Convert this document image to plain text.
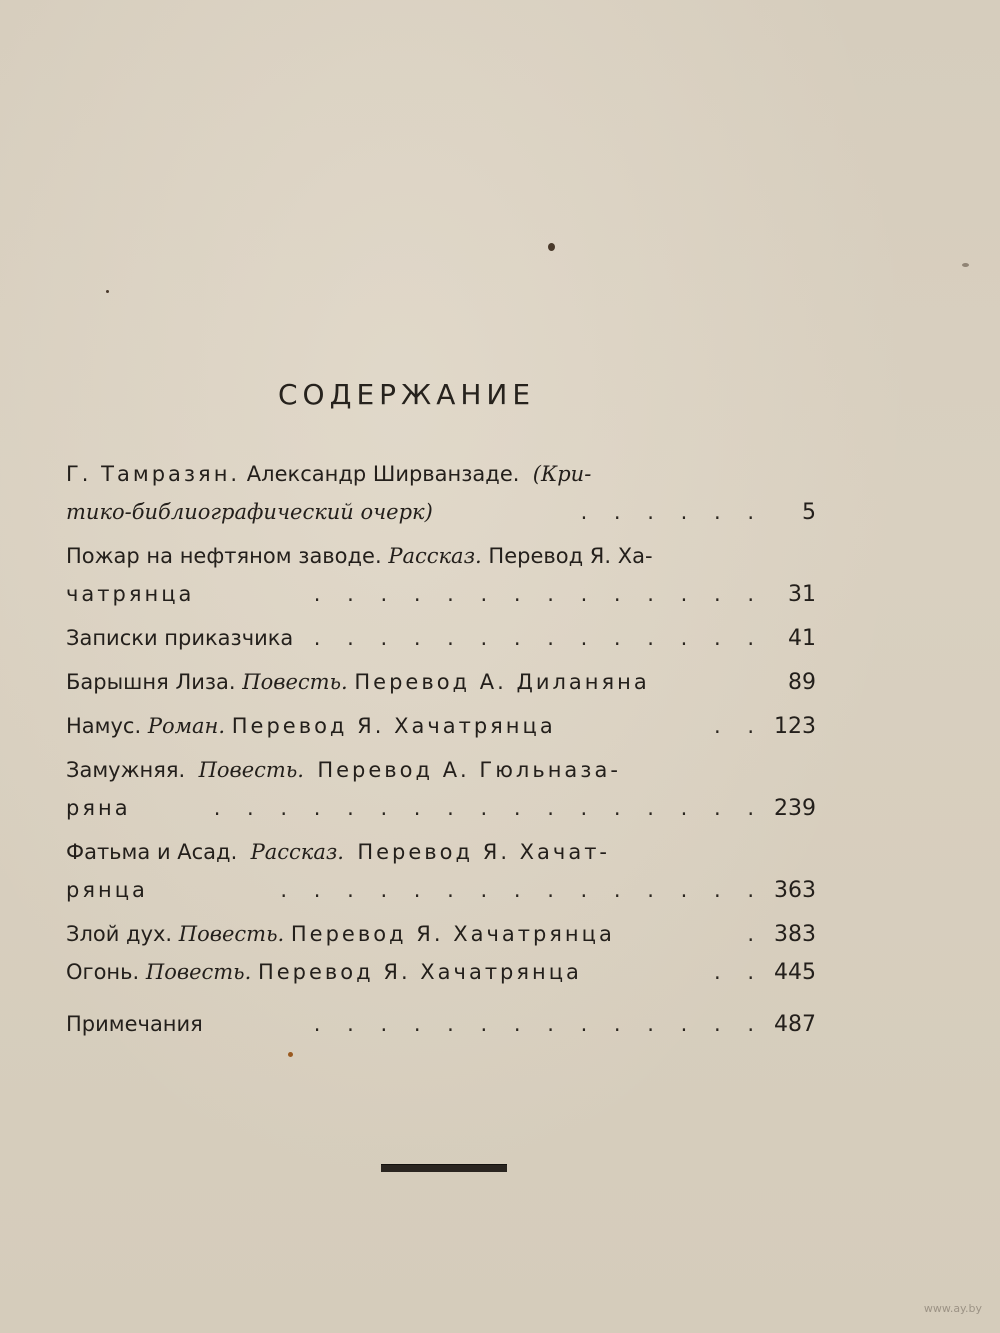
СОДЕРЖАНИЕ
Г. Тамразян.
Александр Ширванзаде.
(Кри-
тико-библиографический очерк)	. . . . . .	5
Пожар на нефтяном заводе.
Рассказ.
Перевод Я. Ха-
чатрянца	. . . . . . . . . . . . . .	31
Записки приказчика . . . . . . . . . . . . . .	41
Барышня Лиза.
Повесть.
Перевод А. Диланяна	89
Намус.
Роман.
Перевод Я. Хачатрянца	. . 123
Замужняя.
Повесть.
Перевод А. Гюльназа-
ряна	. . . . . . . . . . . . . . . . . 239
Фатьма и Асад.
Рассказ.
Перевод Я. Хачат-
рянца	. . . . . . . . . . . . . . . 363
Злой дух.
Повесть.
Перевод Я. Хачатрянца	. 383
Огонь.
Повесть.
Перевод Я. Хачатрянца	. . 445
Примечания	. . . . . . . . . . . . . . 487
www.ay.by
